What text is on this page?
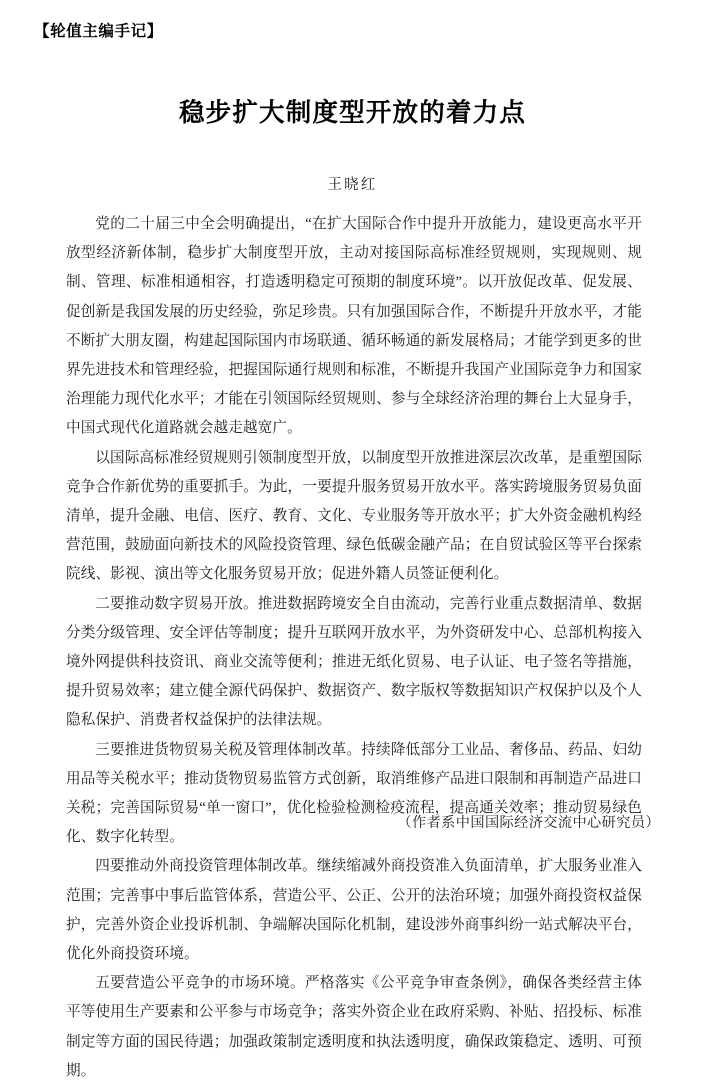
【轮值主编手记】
稳步扩大制度型开放的着力点
王晓红

党的二十届三中全会明确提出，“在扩大国际合作中提升开放能力，建设更高水平开放型经济新体制，稳步扩大制度型开放，主动对接国际高标准经贸规则，实现规则、规制、管理、标准相通相容，打造透明稳定可预期的制度环境”。以开放促改革、促发展、促创新是我国发展的历史经验，弥足珍贵。只有加强国际合作，不断提升开放水平，才能不断扩大朋友圈，构建起国际国内市场联通、循环畅通的新发展格局；才能学到更多的世界先进技术和管理经验，把握国际通行规则和标准，不断提升我国产业国际竞争力和国家治理能力现代化水平；才能在引领国际经贸规则、参与全球经济治理的舞台上大显身手，中国式现代化道路就会越走越宽广。

以国际高标准经贸规则引领制度型开放，以制度型开放推进深层次改革，是重塑国际竞争合作新优势的重要抓手。为此，一要提升服务贸易开放水平。落实跨境服务贸易负面清单，提升金融、电信、医疗、教育、文化、专业服务等开放水平；扩大外资金融机构经营范围，鼓励面向新技术的风险投资管理、绿色低碳金融产品；在自贸试验区等平台探索院线、影视、演出等文化服务贸易开放；促进外籍人员签证便利化。

二要推动数字贸易开放。推进数据跨境安全自由流动，完善行业重点数据清单、数据分类分级管理、安全评估等制度；提升互联网开放水平，为外资研发中心、总部机构接入境外网提供科技资讯、商业交流等便利；推进无纸化贸易、电子认证、电子签名等措施，提升贸易效率；建立健全源代码保护、数据资产、数字版权等数据知识产权保护以及个人隐私保护、消费者权益保护的法律法规。

三要推进货物贸易关税及管理体制改革。持续降低部分工业品、奢侈品、药品、妇幼用品等关税水平；推动货物贸易监管方式创新，取消维修产品进口限制和再制造产品进口关税；完善国际贸易“单一窗口”，优化检验检测检疫流程，提高通关效率；推动贸易绿色化、数字化转型。

四要推动外商投资管理体制改革。继续缩减外商投资准入负面清单，扩大服务业准入范围；完善事中事后监管体系，营造公平、公正、公开的法治环境；加强外商投资权益保护，完善外资企业投诉机制、争端解决国际化机制，建设涉外商事纠纷一站式解决平台，优化外商投资环境。

五要营造公平竞争的市场环境。严格落实《公平竞争审查条例》，确保各类经营主体平等使用生产要素和公平参与市场竞争；落实外资企业在政府采购、补贴、招投标、标准制定等方面的国民待遇；加强政策制定透明度和执法透明度，确保政策稳定、透明、可预期。

（作者系中国国际经济交流中心研究员）
